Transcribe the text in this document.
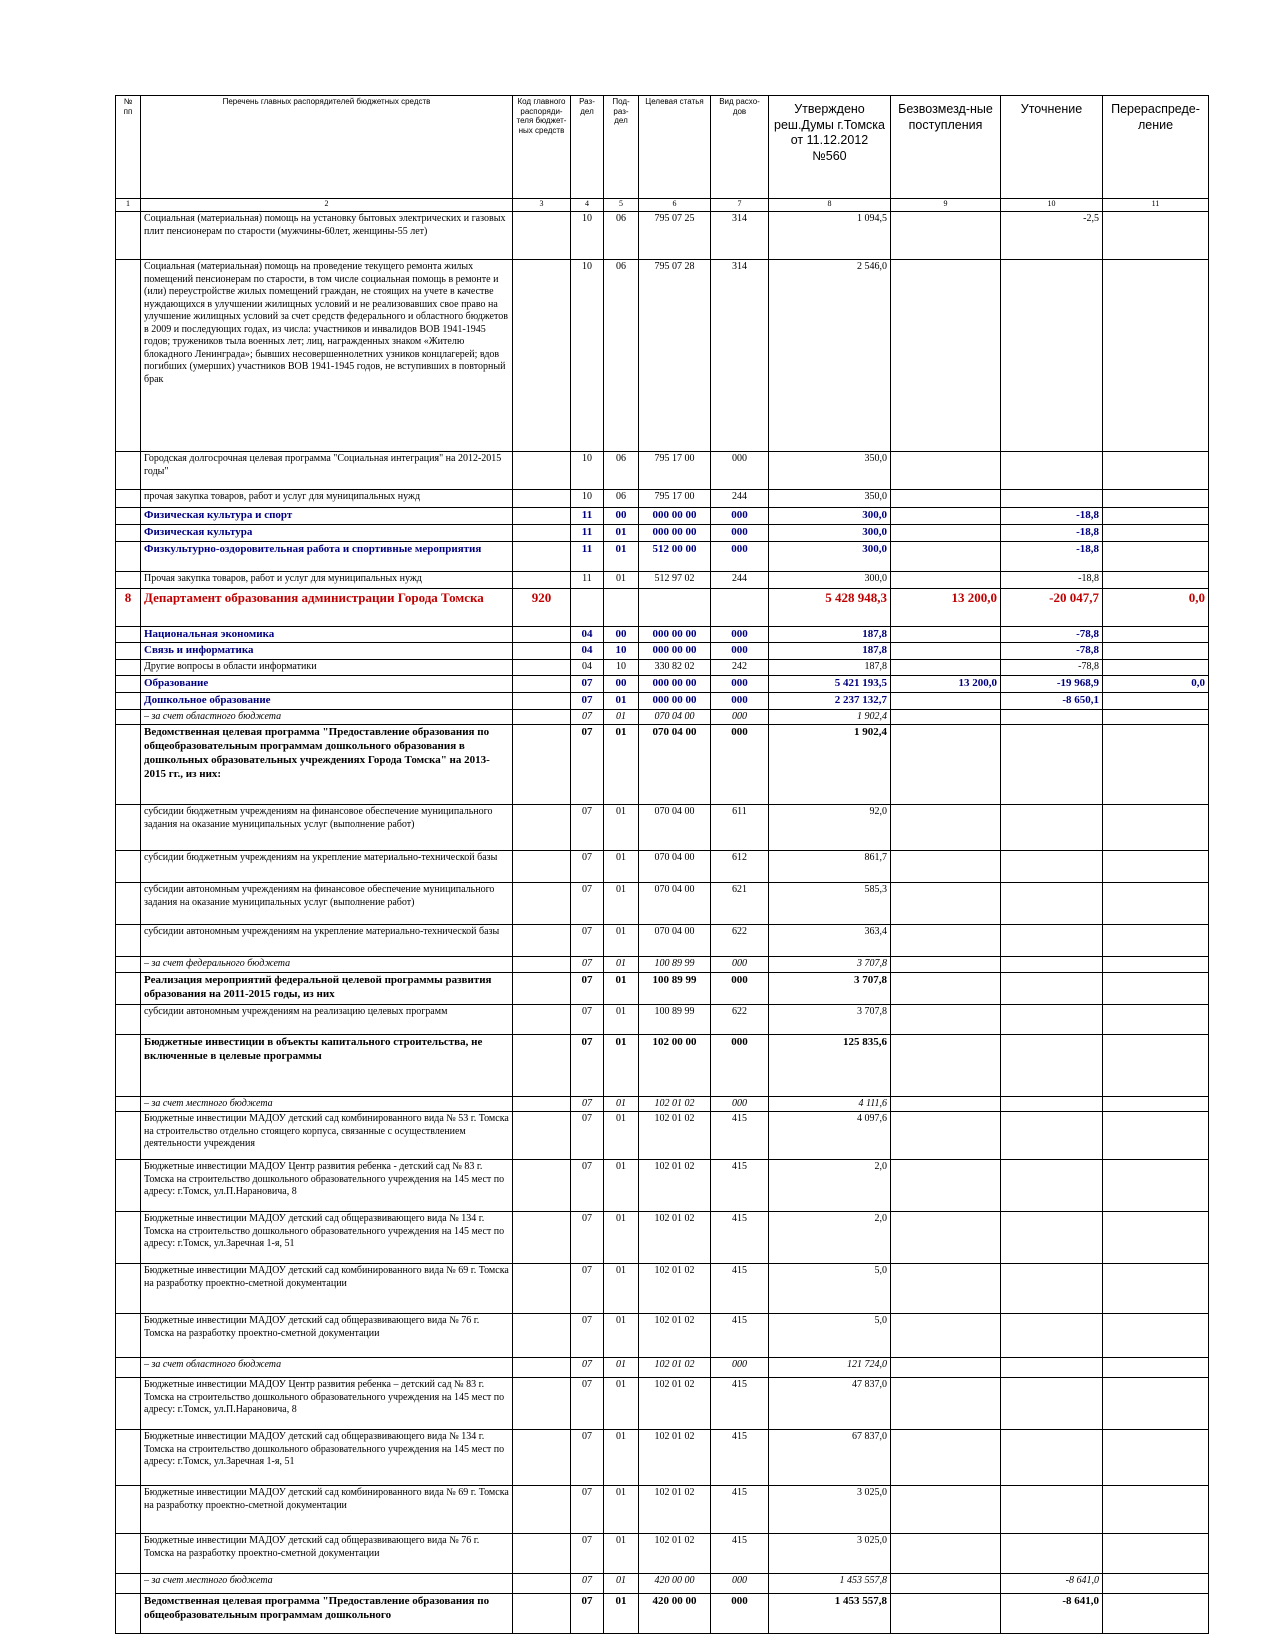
№ пп	Перечень главных распорядителей бюджетных средств	Код главного распоряди-теля бюджет-ных средств	Раз-дел	Под-раз-дел	Целевая статья	Вид расхо-дов	Утверждено реш.Думы г.Томска от 11.12.2012 №560	Безвозмезд-ные поступления	Уточнение	Перераспреде-ление
1	2	3	4	5	6	7	8	9	10	11
	Социальная (материальная) помощь на установку бытовых электрических и газовых плит пенсионерам по старости (мужчины-60лет, женщины-55 лет)		10	06	795 07 25	314	1 094,5		-2,5	
	Социальная (материальная) помощь на проведение текущего ремонта жилых помещений пенсионерам по старости, в том числе социальная помощь в ремонте и (или) переустройстве жилых помещений граждан, не стоящих на учете в качестве нуждающихся в улучшении жилищных условий и не реализовавших свое право на улучшение жилищных условий за счет средств федерального и областного бюджетов в 2009 и последующих годах, из числа: участников и инвалидов ВОВ 1941-1945 годов; тружеников тыла военных лет; лиц, награжденных знаком «Жителю блокадного Ленинграда»; бывших несовершеннолетних узников концлагерей; вдов погибших (умерших) участников ВОВ 1941-1945 годов, не вступивших в повторный брак		10	06	795 07 28	314	2 546,0			
	Городская долгосрочная целевая программа "Социальная интеграция" на 2012-2015 годы"		10	06	795 17 00	000	350,0			
	прочая закупка товаров, работ и услуг для муниципальных нужд		10	06	795 17 00	244	350,0			
	Физическая культура и спорт		11	00	000 00 00	000	300,0		-18,8	
	Физическая культура		11	01	000 00 00	000	300,0		-18,8	
	Физкультурно-оздоровительная работа и спортивные мероприятия		11	01	512 00 00	000	300,0		-18,8	
	Прочая закупка товаров, работ и услуг для муниципальных нужд		11	01	512 97 02	244	300,0		-18,8	
8	Департамент образования администрации Города Томска	920					5 428 948,3	13 200,0	-20 047,7	0,0
	Национальная экономика		04	00	000 00 00	000	187,8		-78,8	
	Связь и информатика		04	10	000 00 00	000	187,8		-78,8	
	Другие вопросы в области информатики		04	10	330 82 02	242	187,8		-78,8	
	Образование		07	00	000 00 00	000	5 421 193,5	13 200,0	-19 968,9	0,0
	Дошкольное образование		07	01	000 00 00	000	2 237 132,7		-8 650,1	
	– за счет областного бюджета		07	01	070 04 00	000	1 902,4			
	Ведомственная целевая программа "Предоставление образования по общеобразовательным программам дошкольного образования в дошкольных образовательных учреждениях Города Томска" на 2013-2015 гг., из них:		07	01	070 04 00	000	1 902,4			
	субсидии бюджетным учреждениям на финансовое обеспечение муниципального задания на оказание муниципальных услуг (выполнение работ)		07	01	070 04 00	611	92,0			
	субсидии бюджетным учреждениям на укрепление материально-технической базы		07	01	070 04 00	612	861,7			
	субсидии автономным учреждениям на финансовое обеспечение муниципального задания на оказание муниципальных услуг (выполнение работ)		07	01	070 04 00	621	585,3			
	субсидии автономным учреждениям на укрепление материально-технической базы		07	01	070 04 00	622	363,4			
	– за счет федерального бюджета		07	01	100 89 99	000	3 707,8			
	Реализация мероприятий федеральной целевой программы развития образования на 2011-2015 годы, из них		07	01	100 89 99	000	3 707,8			
	субсидии автономным учреждениям на реализацию целевых программ		07	01	100 89 99	622	3 707,8			
	Бюджетные инвестиции в объекты капитального строительства, не включенные в целевые программы		07	01	102 00 00	000	125 835,6			
	– за счет местного бюджета		07	01	102 01 02	000	4 111,6			
	Бюджетные инвестиции МАДОУ детский сад комбинированного вида № 53 г. Томска на строительство отдельно стоящего корпуса, связанные с осуществлением деятельности учреждения		07	01	102 01 02	415	4 097,6			
	Бюджетные инвестиции МАДОУ Центр развития ребенка - детский сад № 83 г. Томска на строительство дошкольного образовательного учреждения на 145 мест по адресу: г.Томск, ул.П.Нарановича, 8		07	01	102 01 02	415	2,0			
	Бюджетные инвестиции МАДОУ детский сад общеразвивающего вида № 134 г. Томска на строительство дошкольного образовательного учреждения на 145 мест по адресу: г.Томск, ул.Заречная 1-я, 51		07	01	102 01 02	415	2,0			
	Бюджетные инвестиции МАДОУ детский сад комбинированного вида № 69 г. Томска на разработку проектно-сметной документации		07	01	102 01 02	415	5,0			
	Бюджетные инвестиции МАДОУ детский сад общеразвивающего вида № 76 г. Томска на разработку проектно-сметной документации		07	01	102 01 02	415	5,0			
	– за счет областного бюджета		07	01	102 01 02	000	121 724,0			
	Бюджетные инвестиции МАДОУ Центр развития ребенка – детский сад № 83 г. Томска на строительство дошкольного образовательного учреждения на 145 мест по адресу: г.Томск, ул.П.Нарановича, 8		07	01	102 01 02	415	47 837,0			
	Бюджетные инвестиции МАДОУ детский сад общеразвивающего вида № 134 г. Томска на строительство дошкольного образовательного учреждения на 145 мест по адресу: г.Томск, ул.Заречная 1-я, 51		07	01	102 01 02	415	67 837,0			
	Бюджетные инвестиции МАДОУ детский сад комбинированного вида № 69 г. Томска на разработку проектно-сметной документации		07	01	102 01 02	415	3 025,0			
	Бюджетные инвестиции МАДОУ детский сад общеразвивающего вида № 76 г. Томска на разработку проектно-сметной документации		07	01	102 01 02	415	3 025,0			
	– за счет местного бюджета		07	01	420 00 00	000	1 453 557,8		-8 641,0	
	Ведомственная целевая программа "Предоставление образования по общеобразовательным программам дошкольного		07	01	420 00 00	000	1 453 557,8		-8 641,0	
